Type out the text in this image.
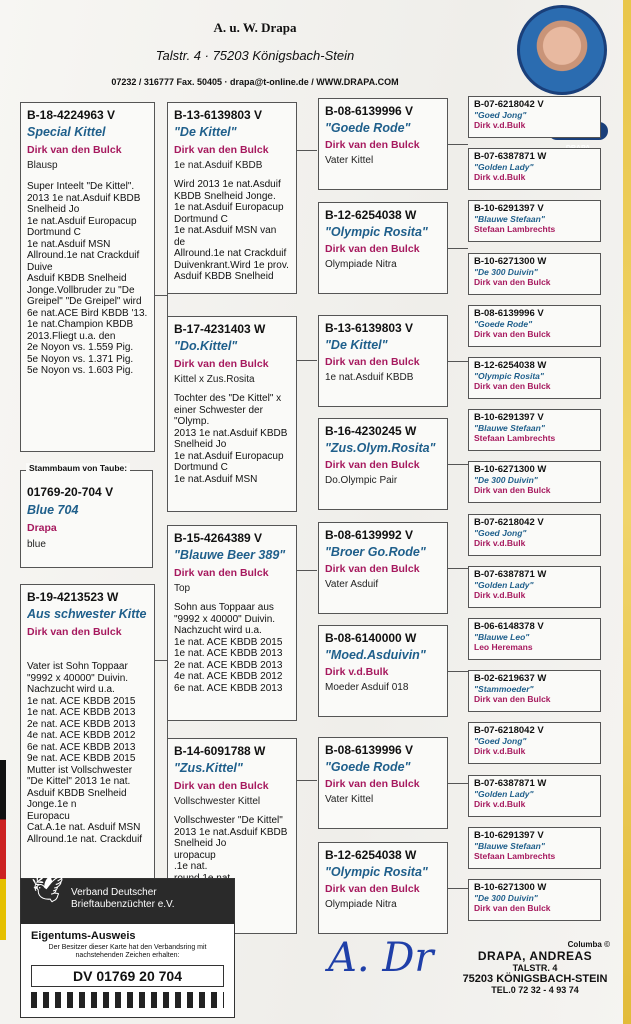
A. u. W. Drapa
Talstr. 4 · 75203 Königsbach-Stein
07232 / 316777 Fax. 50405 · drapa@t-online.de / WWW.DRAPA.COM
Stammbaum von Taube:
01769-20-704 V
Blue 704
Drapa
blue
B-18-4224963 V
Special Kittel
Dirk van den Bulck
Blausp
Super Inteelt "De Kittel".
2013 1e nat.Asduif KBDB
Snelheid Jo
1e nat.Asduif Europacup
Dortmund C
1e nat.Asduif MSN
Allround.1e nat Crackduif
Duive
Asduif KBDB Snelheid
Jonge.Vollbruder zu "De
Greipel" "De Greipel" wird
6e nat.ACE Bird KBDB '13.
1e nat.Champion KBDB
2013.Fliegt u.a. den
2e Noyon vs. 1.559 Pig.
5e Noyon vs. 1.371 Pig.
5e Noyon vs. 1.603 Pig.
B-19-4213523 W
Aus schwester Kitte
Dirk van den Bulck
Vater ist Sohn Toppaar
"9992 x 40000" Duivin.
Nachzucht wird u.a.
1e nat. ACE KBDB 2015
1e nat. ACE KBDB 2013
2e nat. ACE KBDB 2013
4e nat. ACE KBDB 2012
6e nat. ACE KBDB 2013
9e nat. ACE KBDB 2015
Mutter ist Vollschwester
"De Kittel" 2013 1e nat.
Asduif KBDB Snelheid
Jonge.1e n
Europacu
Cat.A.1e nat. Asduif MSN
Allround.1e nat. Crackduif
B-13-6139803 V
"De Kittel"
Dirk van den Bulck
1e nat.Asduif KBDB
Wird 2013 1e nat.Asduif
KBDB Snelheid Jonge.
1e nat.Asduif Europacup
Dortmund C
1e nat.Asduif MSN van de
Allround.1e nat Crackduif
Duivenkrant.Wird 1e prov.
Asduif KBDB Snelheid
B-17-4231403 W
"Do.Kittel"
Dirk van den Bulck
Kittel x Zus.Rosita
Tochter des "De Kittel" x
einer Schwester der
"Olymp.
2013 1e nat.Asduif KBDB
Snelheid Jo
1e nat.Asduif Europacup
Dortmund C
1e nat.Asduif MSN
B-15-4264389 V
"Blauwe Beer 389"
Dirk van den Bulck
Top
Sohn aus Toppaar aus
"9992 x 40000" Duivin.
Nachzucht wird u.a.
1e nat. ACE KBDB 2015
1e nat. ACE KBDB 2013
2e nat. ACE KBDB 2013
4e nat. ACE KBDB 2012
6e nat. ACE KBDB 2013
B-14-6091788 W
"Zus.Kittel"
Dirk van den Bulck
Vollschwester Kittel
Vollschwester "De Kittel"
2013 1e nat.Asduif KBDB
Snelheid Jo
uropacup
.1e nat.
B-08-6139996 V
"Goede Rode"
Dirk van den Bulck
Vater Kittel
B-12-6254038 W
"Olympic Rosita"
Dirk van den Bulck
Olympiade Nitra
B-13-6139803 V
"De Kittel"
Dirk van den Bulck
1e nat.Asduif KBDB
B-16-4230245 W
"Zus.Olym.Rosita"
Dirk van den Bulck
Do.Olympic Pair
B-08-6139992 V
"Broer Go.Rode"
Dirk van den Bulck
Vater Asduif
B-08-6140000 W
"Moed.Asduivin"
Dirk v.d.Bulk
Moeder Asduif 018
B-08-6139996 V
"Goede Rode"
Dirk van den Bulck
Vater Kittel
B-12-6254038 W
"Olympic Rosita"
Dirk van den Bulck
Olympiade Nitra
B-07-6218042 V
"Goed Jong"
Dirk v.d.Bulk
B-07-6387871 W
"Golden Lady"
Dirk v.d.Bulk
B-10-6291397 V
"Blauwe Stefaan"
Stefaan Lambrechts
B-10-6271300 W
"De 300 Duivin"
Dirk van den Bulck
B-08-6139996 V
"Goede Rode"
Dirk van den Bulck
B-12-6254038 W
"Olympic Rosita"
Dirk van den Bulck
B-10-6291397 V
"Blauwe Stefaan"
Stefaan Lambrechts
B-10-6271300 W
"De 300 Duivin"
Dirk van den Bulck
B-07-6218042 V
"Goed Jong"
Dirk v.d.Bulk
B-07-6387871 W
"Golden Lady"
Dirk v.d.Bulk
B-06-6148378 V
"Blauwe Leo"
Leo Heremans
B-02-6219637 W
"Stammoeder"
Dirk van den Bulck
B-07-6218042 V
"Goed Jong"
Dirk v.d.Bulk
B-07-6387871 W
"Golden Lady"
Dirk v.d.Bulk
B-10-6291397 V
"Blauwe Stefaan"
Stefaan Lambrechts
B-10-6271300 W
"De 300 Duivin"
Dirk van den Bulck
🕊 Verband Deutscher
Brieftaubenzüchter e.V.
Eigentums-Ausweis
Der Besitzer dieser Karte hat den Verbandsring mit nachstehenden Zeichen erhalten:
DV 01769 20 704	A. Dr	Columba ©
DRAPA, ANDREAS
TALSTR. 4
75203 KÖNIGSBACH-STEIN
TEL.0 72 32 - 4 93 74
